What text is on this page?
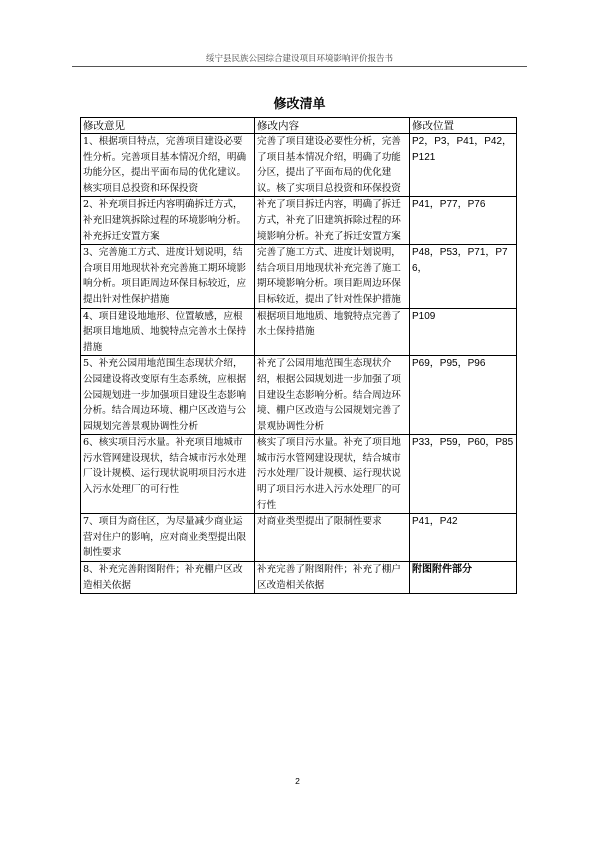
绥宁县民族公园综合建设项目环境影响评价报告书
修改清单
修改意见	修改内容	修改位置
1、根据项目特点，完善项目建设必要性分析。完善项目基本情况介绍，明确功能分区，提出平面布局的优化建议。核实项目总投资和环保投资	完善了项目建设必要性分析，完善了项目基本情况介绍，明确了功能分区，提出了平面布局的优化建议。核了实项目总投资和环保投资	P2，P3，P41，P42，P121
2、补充项目拆迁内容明确拆迁方式，补充旧建筑拆除过程的环境影响分析。补充拆迁安置方案	补充了项目拆迁内容，明确了拆迁方式，补充了旧建筑拆除过程的环境影响分析。补充了拆迁安置方案	P41，P77，P76
3、完善施工方式、进度计划说明，结合项目用地现状补充完善施工期环境影响分析。项目距周边环保目标较近，应提出针对性保护措施	完善了施工方式、进度计划说明，结合项目用地现状补充完善了施工期环境影响分析。项目距周边环保目标较近，提出了针对性保护措施	P48，P53，P71，P76，
4、项目建设地地形、位置敏感，应根据项目地地质、地貌特点完善水土保持措施	根据项目地地质、地貌特点完善了水土保持措施	P109
5、补充公园用地范围生态现状介绍，公园建设将改变原有生态系统，应根据公园规划进一步加强项目建设生态影响分析。结合周边环境、棚户区改造与公园规划完善景观协调性分析	补充了公园用地范围生态现状介绍，根据公园规划进一步加强了项目建设生态影响分析。结合周边环境、棚户区改造与公园规划完善了景观协调性分析	P69，P95，P96
6、核实项目污水量。补充项目地城市污水管网建设现状，结合城市污水处理厂设计规模、运行现状说明项目污水进入污水处理厂的可行性	核实了项目污水量。补充了项目地城市污水管网建设现状，结合城市污水处理厂设计规模、运行现状说明了项目污水进入污水处理厂的可行性	P33，P59，P60，P85
7、项目为商住区，为尽量减少商业运营对住户的影响，应对商业类型提出限制性要求	对商业类型提出了限制性要求	P41，P42
8、补充完善附图附件；补充棚户区改造相关依据	补充完善了附图附件；补充了棚户区改造相关依据	附图附件部分
2
